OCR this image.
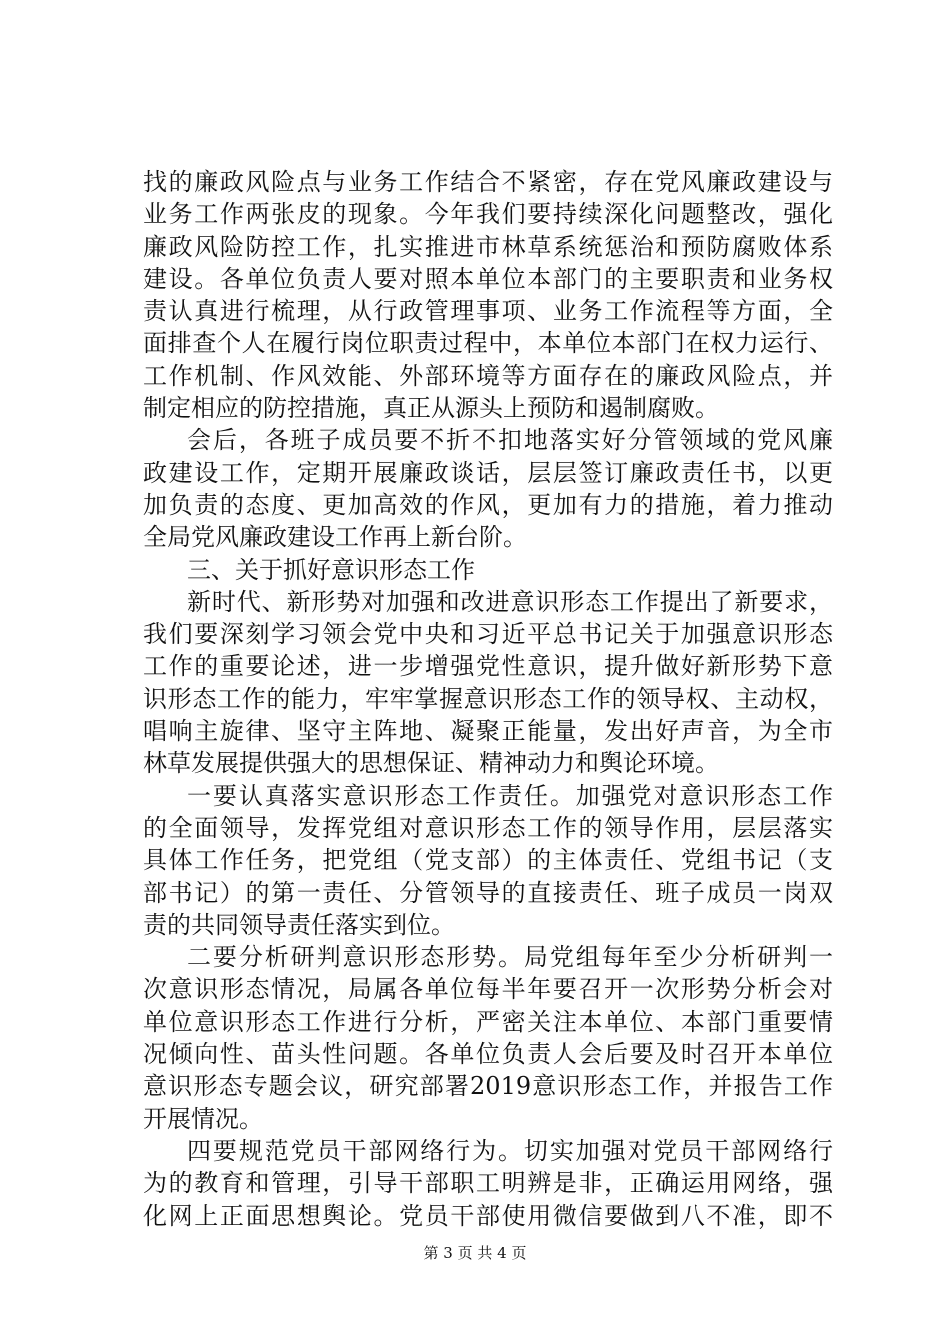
找的廉政风险点与业务工作结合不紧密，存在党风廉政建设与
业务工作两张皮的现象。今年我们要持续深化问题整改，强化
廉政风险防控工作，扎实推进市林草系统惩治和预防腐败体系
建设。各单位负责人要对照本单位本部门的主要职责和业务权
责认真进行梳理，从行政管理事项、业务工作流程等方面，全
面排查个人在履行岗位职责过程中，本单位本部门在权力运行、
工作机制、作风效能、外部环境等方面存在的廉政风险点，并
制定相应的防控措施，真正从源头上预防和遏制腐败。
会后，各班子成员要不折不扣地落实好分管领域的党风廉
政建设工作，定期开展廉政谈话，层层签订廉政责任书，以更
加负责的态度、更加高效的作风，更加有力的措施，着力推动
全局党风廉政建设工作再上新台阶。
三、关于抓好意识形态工作
新时代、新形势对加强和改进意识形态工作提出了新要求，
我们要深刻学习领会党中央和习近平总书记关于加强意识形态
工作的重要论述，进一步增强党性意识，提升做好新形势下意
识形态工作的能力，牢牢掌握意识形态工作的领导权、主动权，
唱响主旋律、坚守主阵地、凝聚正能量，发出好声音，为全市
林草发展提供强大的思想保证、精神动力和舆论环境。
一要认真落实意识形态工作责任。加强党对意识形态工作
的全面领导，发挥党组对意识形态工作的领导作用，层层落实
具体工作任务，把党组（党支部）的主体责任、党组书记（支
部书记）的第一责任、分管领导的直接责任、班子成员一岗双
责的共同领导责任落实到位。
二要分析研判意识形态形势。局党组每年至少分析研判一
次意识形态情况，局属各单位每半年要召开一次形势分析会对
单位意识形态工作进行分析，严密关注本单位、本部门重要情
况倾向性、苗头性问题。各单位负责人会后要及时召开本单位
意识形态专题会议，研究部署2019意识形态工作，并报告工作
开展情况。
四要规范党员干部网络行为。切实加强对党员干部网络行
为的教育和管理，引导干部职工明辨是非，正确运用网络，强
化网上正面思想舆论。党员干部使用微信要做到八不准，即不
第 3 页 共 4 页
